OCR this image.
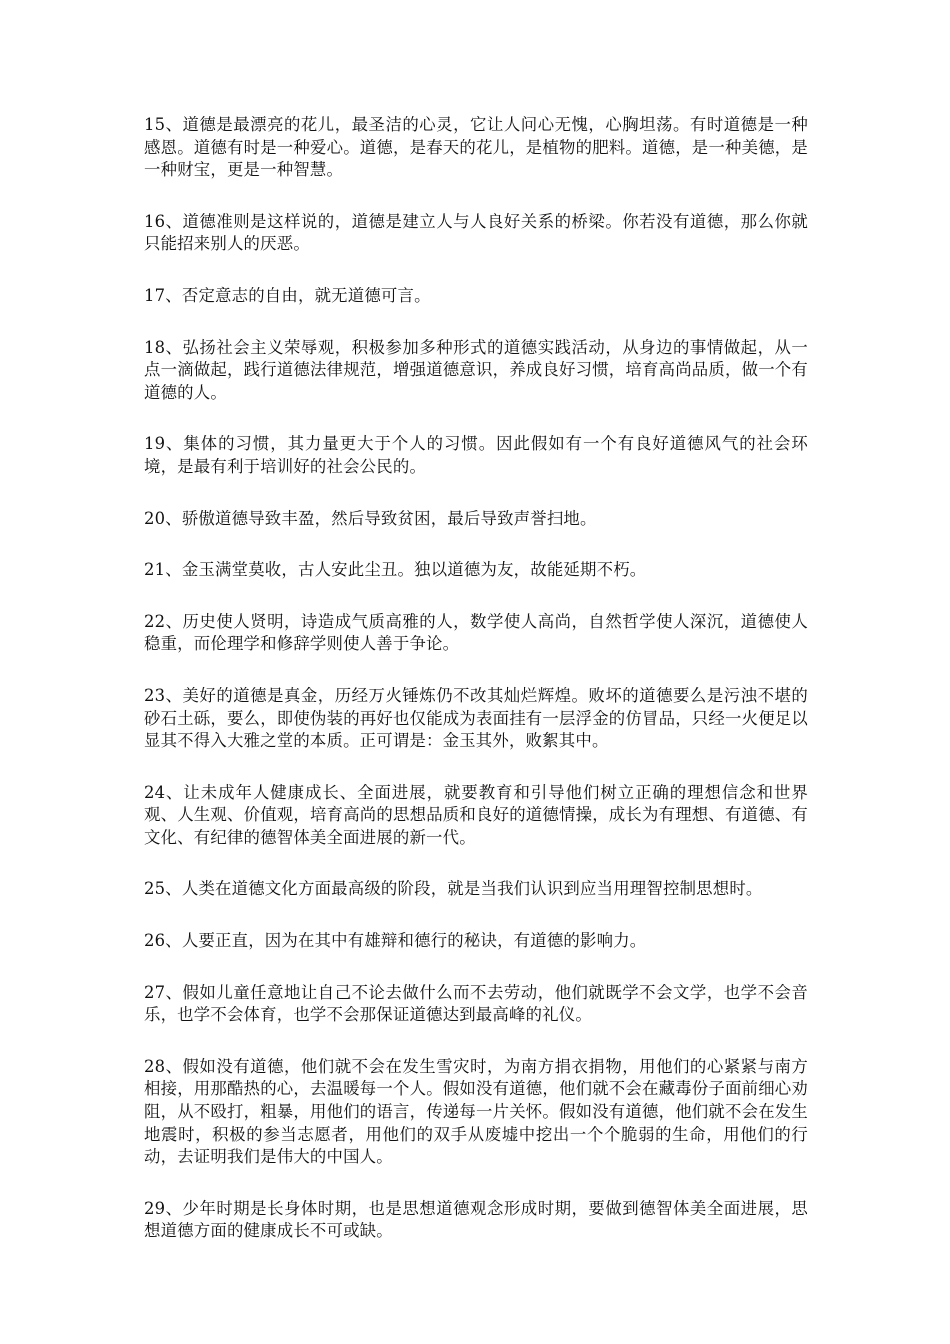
15、道德是最漂亮的花儿，最圣洁的心灵，它让人问心无愧，心胸坦荡。有时道德是一种感恩。道德有时是一种爱心。道德，是春天的花儿，是植物的肥料。道德，是一种美德，是一种财宝，更是一种智慧。

16、道德准则是这样说的，道德是建立人与人良好关系的桥梁。你若没有道德，那么你就只能招来别人的厌恶。

17、否定意志的自由，就无道德可言。

18、弘扬社会主义荣辱观，积极参加多种形式的道德实践活动，从身边的事情做起，从一点一滴做起，践行道德法律规范，增强道德意识，养成良好习惯，培育高尚品质，做一个有道德的人。

19、集体的习惯，其力量更大于个人的习惯。因此假如有一个有良好道德风气的社会环境，是最有利于培训好的社会公民的。

20、骄傲道德导致丰盈，然后导致贫困，最后导致声誉扫地。

21、金玉满堂莫收，古人安此尘丑。独以道德为友，故能延期不朽。

22、历史使人贤明，诗造成气质高雅的人，数学使人高尚，自然哲学使人深沉，道德使人稳重，而伦理学和修辞学则使人善于争论。

23、美好的道德是真金，历经万火锤炼仍不改其灿烂辉煌。败坏的道德要么是污浊不堪的砂石土砾，要么，即使伪装的再好也仅能成为表面挂有一层浮金的仿冒品，只经一火便足以显其不得入大雅之堂的本质。正可谓是：金玉其外，败絮其中。

24、让未成年人健康成长、全面进展，就要教育和引导他们树立正确的理想信念和世界观、人生观、价值观，培育高尚的思想品质和良好的道德情操，成长为有理想、有道德、有文化、有纪律的德智体美全面进展的新一代。

25、人类在道德文化方面最高级的阶段，就是当我们认识到应当用理智控制思想时。

26、人要正直，因为在其中有雄辩和德行的秘诀，有道德的影响力。

27、假如儿童任意地让自己不论去做什么而不去劳动，他们就既学不会文学，也学不会音乐，也学不会体育，也学不会那保证道德达到最高峰的礼仪。

28、假如没有道德，他们就不会在发生雪灾时，为南方捐衣捐物，用他们的心紧紧与南方相接，用那酷热的心，去温暖每一个人。假如没有道德，他们就不会在藏毒份子面前细心劝阻，从不殴打，粗暴，用他们的语言，传递每一片关怀。假如没有道德，他们就不会在发生地震时，积极的参当志愿者，用他们的双手从废墟中挖出一个个脆弱的生命，用他们的行动，去证明我们是伟大的中国人。

29、少年时期是长身体时期，也是思想道德观念形成时期，要做到德智体美全面进展，思想道德方面的健康成长不可或缺。
